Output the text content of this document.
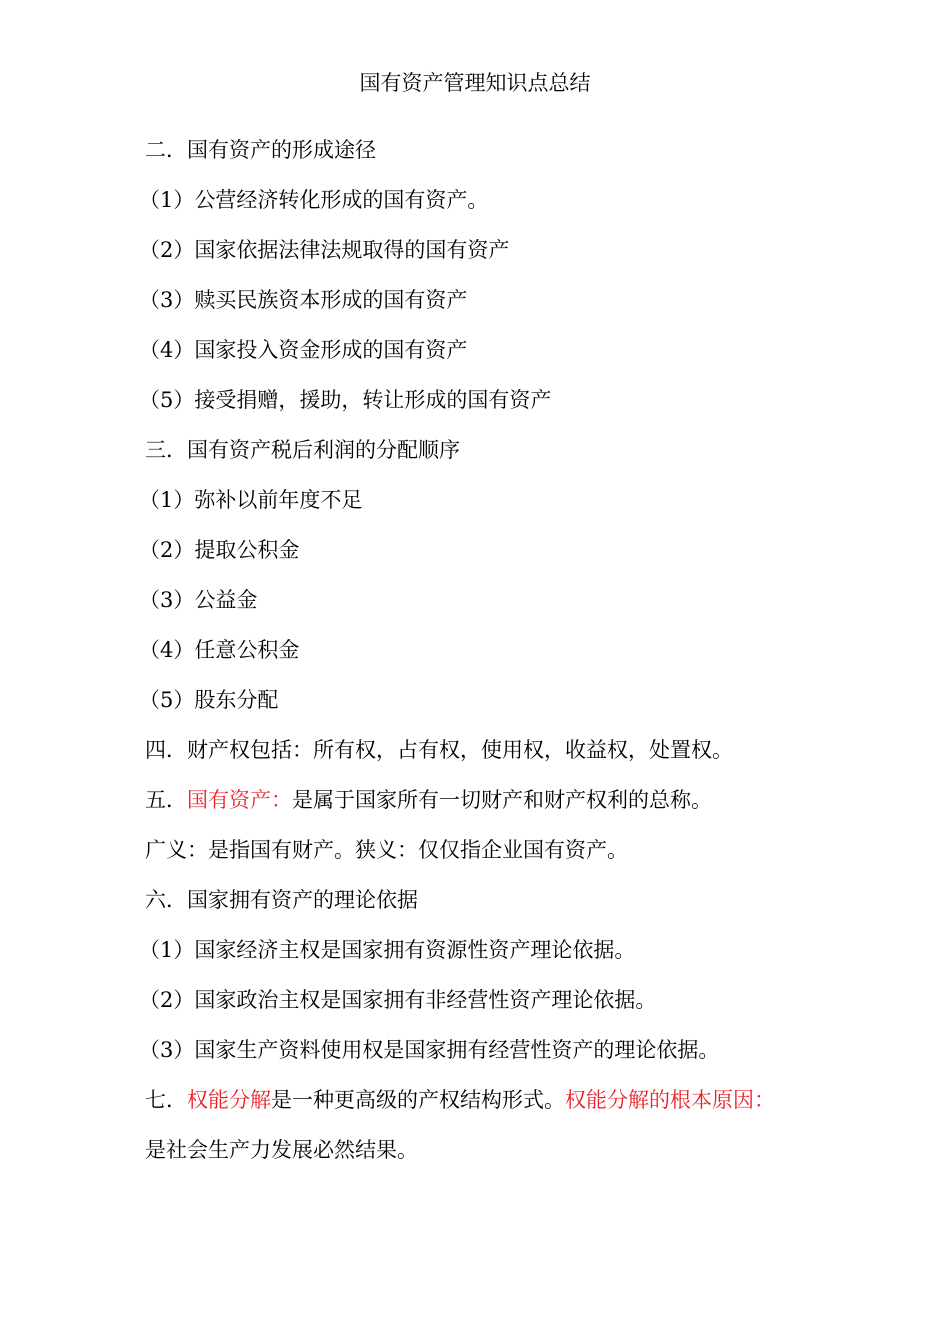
国有资产管理知识点总结
二．国有资产的形成途径
（1）公营经济转化形成的国有资产。
（2）国家依据法律法规取得的国有资产
（3）赎买民族资本形成的国有资产
（4）国家投入资金形成的国有资产
（5）接受捐赠，援助，转让形成的国有资产
三．国有资产税后利润的分配顺序
（1）弥补以前年度不足
（2）提取公积金
（3）公益金
（4）任意公积金
（5）股东分配
四．财产权包括：所有权，占有权，使用权，收益权，处置权。
五．国有资产：是属于国家所有一切财产和财产权利的总称。
广义：是指国有财产。狭义：仅仅指企业国有资产。
六．国家拥有资产的理论依据
（1）国家经济主权是国家拥有资源性资产理论依据。
（2）国家政治主权是国家拥有非经营性资产理论依据。
（3）国家生产资料使用权是国家拥有经营性资产的理论依据。
七．权能分解是一种更高级的产权结构形式。权能分解的根本原因：
是社会生产力发展必然结果。
